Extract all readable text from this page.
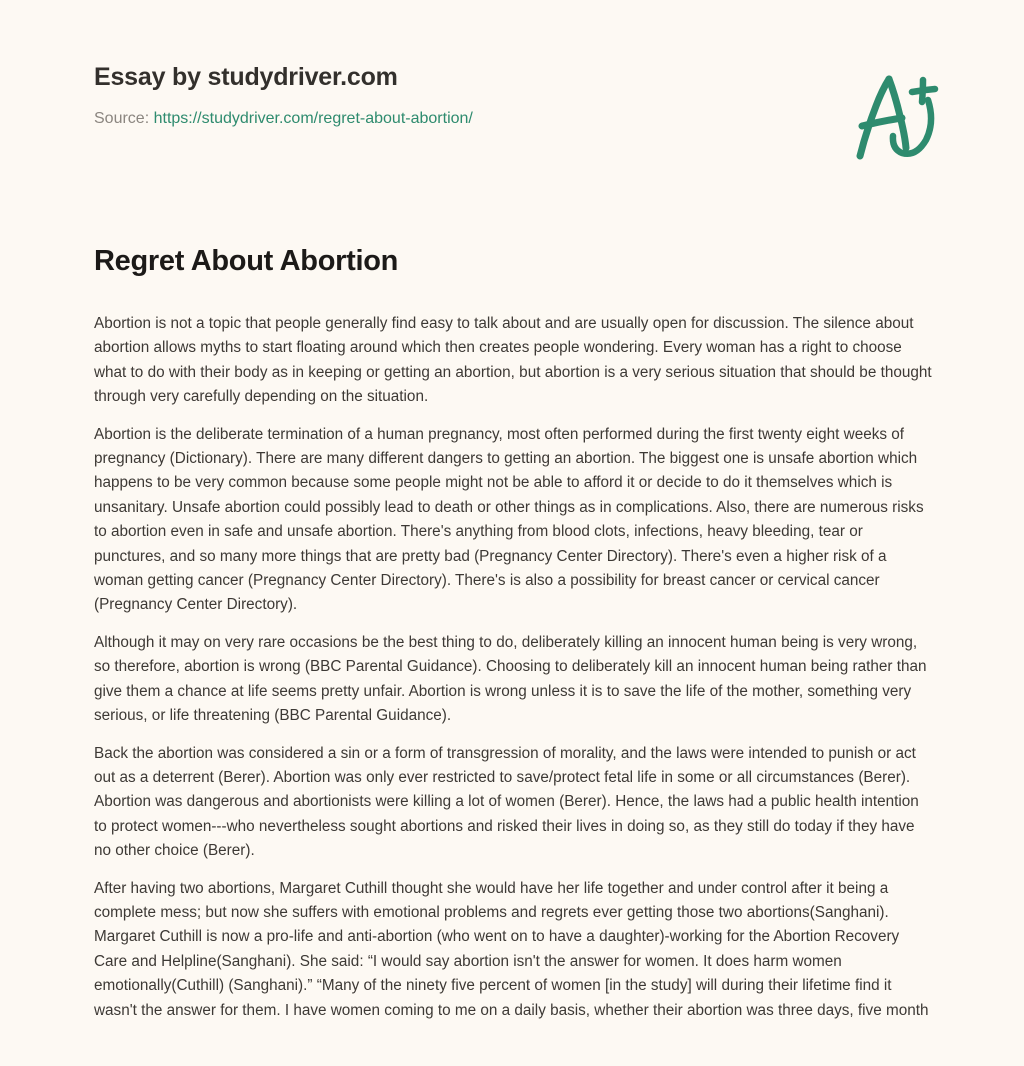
Essay by studydriver.com
Source: https://studydriver.com/regret-about-abortion/
Regret About Abortion

Abortion is not a topic that people generally find easy to talk about and are usually open for discussion. The silence about abortion allows myths to start floating around which then creates people wondering. Every woman has a right to choose what to do with their body as in keeping or getting an abortion, but abortion is a very serious situation that should be thought through very carefully depending on the situation.

Abortion is the deliberate termination of a human pregnancy, most often performed during the first twenty eight weeks of pregnancy (Dictionary). There are many different dangers to getting an abortion. The biggest one is unsafe abortion which happens to be very common because some people might not be able to afford it or decide to do it themselves which is unsanitary. Unsafe abortion could possibly lead to death or other things as in complications. Also, there are numerous risks to abortion even in safe and unsafe abortion. There's anything from blood clots, infections, heavy bleeding, tear or punctures, and so many more things that are pretty bad (Pregnancy Center Directory). There's even a higher risk of a woman getting cancer (Pregnancy Center Directory). There's is also a possibility for breast cancer or cervical cancer (Pregnancy Center Directory).

Although it may on very rare occasions be the best thing to do, deliberately killing an innocent human being is very wrong, so therefore, abortion is wrong (BBC Parental Guidance). Choosing to deliberately kill an innocent human being rather than give them a chance at life seems pretty unfair. Abortion is wrong unless it is to save the life of the mother, something very serious, or life threatening (BBC Parental Guidance).

Back the abortion was considered a sin or a form of transgression of morality, and the laws were intended to punish or act out as a deterrent (Berer). Abortion was only ever restricted to save/protect fetal life in some or all circumstances (Berer). Abortion was dangerous and abortionists were killing a lot of women (Berer). Hence, the laws had a public health intention to protect women---who nevertheless sought abortions and risked their lives in doing so, as they still do today if they have no other choice (Berer).

After having two abortions, Margaret Cuthill thought she would have her life together and under control after it being a complete mess; but now she suffers with emotional problems and regrets ever getting those two abortions(Sanghani). Margaret Cuthill is now a pro-life and anti-abortion (who went on to have a daughter)-working for the Abortion Recovery Care and Helpline(Sanghani). She said: “I would say abortion isn't the answer for women. It does harm women emotionally(Cuthill) (Sanghani).” “Many of the ninety five percent of women [in the study] will during their lifetime find it wasn't the answer for them. I have women coming to me on a daily basis, whether their abortion was three days, five month
